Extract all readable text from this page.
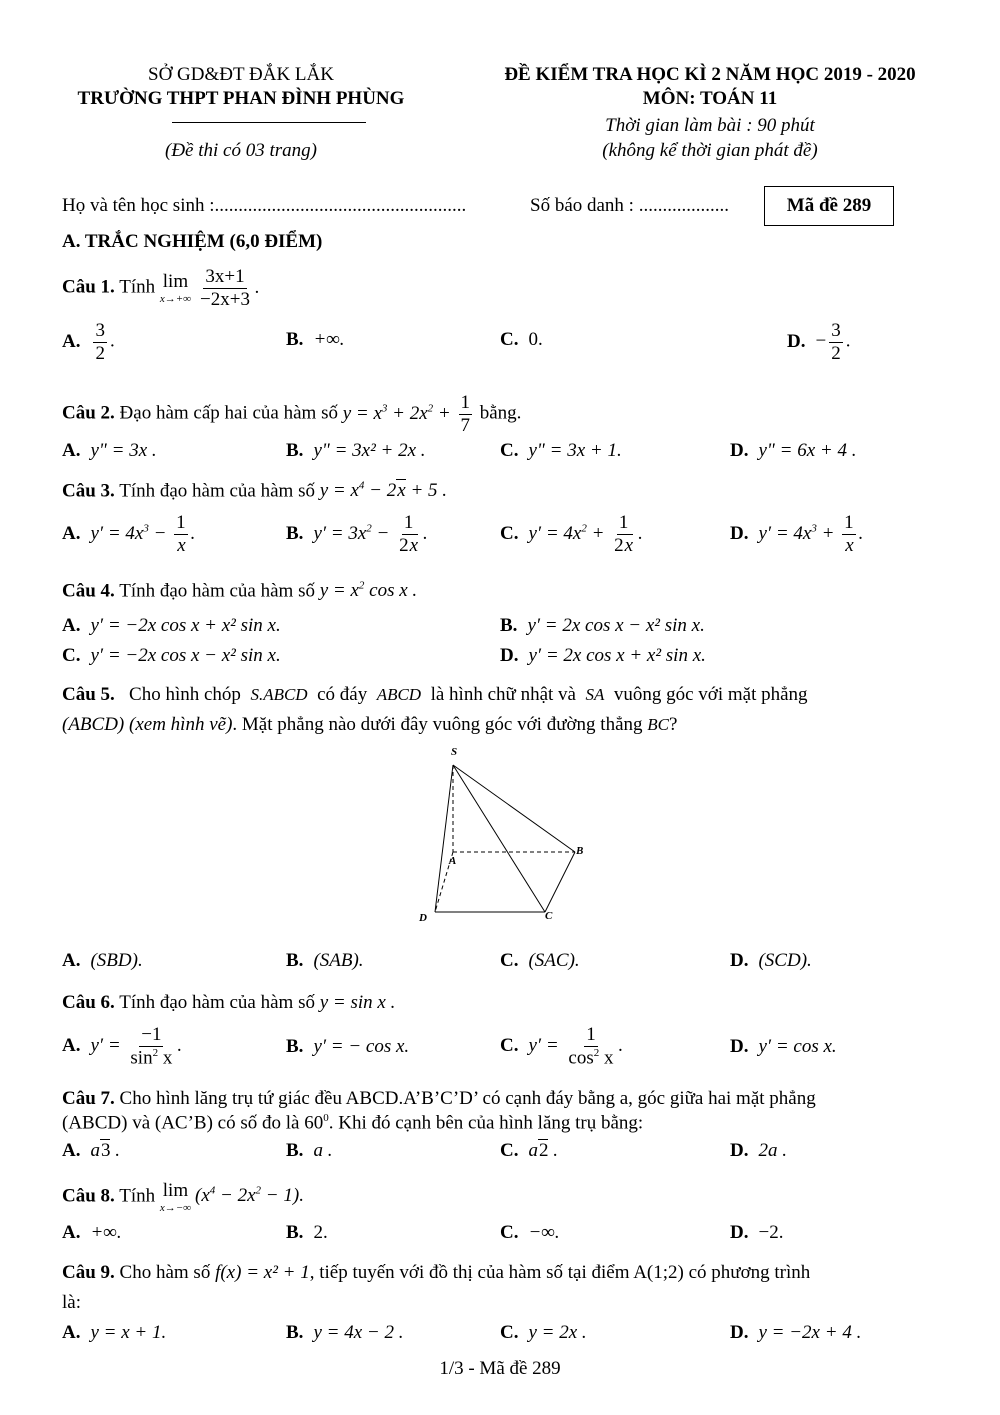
SỞ GD&ĐT ĐẮK LẮK
TRƯỜNG THPT PHAN ĐÌNH PHÙNG
(Đề thi có 03 trang)
ĐỀ KIỂM TRA HỌC KÌ 2 NĂM HỌC 2019 - 2020
MÔN: TOÁN 11
Thời gian làm bài : 90 phút
(không kể thời gian phát đề)
Họ và tên học sinh :.....................................................	Số báo danh : ...................	Mã đề 289
A. TRẮC NGHIỆM (6,0 ĐIỂM)
Câu 1. Tính lim
$x\to+\infty \frac{3x+1}{-2x+3}$ .
A. $\frac{3}{2}$ .	B. +∞.	C. 0.	D. − $\frac{3}{2}$ .
Câu 2. Đạo hàm cấp hai của hàm số $y = x^3 + 2x^2 + \frac{1}{7}$ bằng.
A. y" = 3x .	B. y" = 3x² + 2x .	C. y" = 3x + 1.	D. y" = 6x + 4 .
Câu 3. Tính đạo hàm của hàm số $y = x^4 - 2x + 5$ .
A. $y' = 4x^3 - \frac{1}{x}$ .	B. $y' = 3x^2 - \frac{1}{2x}$ .	C. $y' = 4x^2 + \frac{1}{2x}$ .	D. $y' = 4x^3 + \frac{1}{x}$ .
Câu 4. Tính đạo hàm của hàm số $y = x^2$ cos x .
A. y′ = −2x cos x + x² sin x.	B. y′ = 2x cos x − x² sin x.
C. y′ = −2x cos x − x² sin x.	D. y′ = 2x cos x + x² sin x.
Câu 5. Cho hình chóp S.ABCD có đáy ABCD là hình chữ nhật và SA vuông góc với mặt phẳng
(ABCD) (xem hình vẽ). Mặt phẳng nào dưới đây vuông góc với đường thẳng BC?
S
A
B
C
D
A. (SBD).	B. (SAB).	C. (SAC).	D. (SCD).
Câu 6. Tính đạo hàm của hàm số y = sin x .
A. $y' = \frac{-1}{\sin^2 x}$ .	B. y′ = − cos x.	C. $y' = \frac{1}{\cos^2 x}$ .	D. y′ = cos x.
Câu 7. Cho hình lăng trụ tứ giác đều ABCD.A’B’C’D’ có cạnh đáy bằng a, góc giữa hai mặt phẳng
(ABCD) và (AC’B) có số đo là $60^0$. Khi đó cạnh bên của hình lăng trụ bằng:
A. a3 .	B. a .	C. a2 .	D. 2a .
Câu 8. Tính lim
x→−∞
$(x^4 - 2x^2 - 1)$.
A. +∞.	B. 2.	C. −∞.	D. −2.
Câu 9. Cho hàm số f(x) = x² + 1, tiếp tuyến với đồ thị của hàm số tại điểm A(1;2) có phương trình
là:
A. y = x + 1.	B. y = 4x − 2 .	C. y = 2x .	D. y = −2x + 4 .
1/3 - Mã đề 289
